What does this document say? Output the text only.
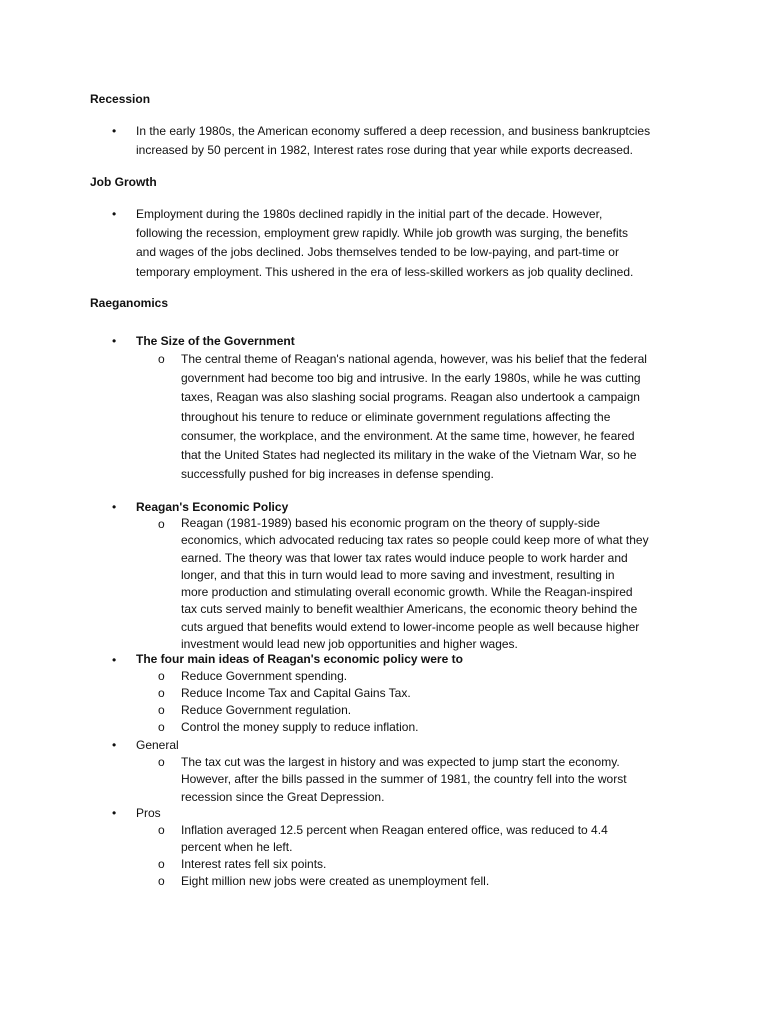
Recession
• In the early 1980s, the American economy suffered a deep recession, and business bankruptcies
increased by 50 percent in 1982, Interest rates rose during that year while exports decreased.
Job Growth
• Employment during the 1980s declined rapidly in the initial part of the decade. However,
following the recession, employment grew rapidly. While job growth was surging, the benefits
and wages of the jobs declined. Jobs themselves tended to be low-paying, and part-time or
temporary employment. This ushered in the era of less-skilled workers as job quality declined.
Raeganomics
• The Size of the Government
o The central theme of Reagan's national agenda, however, was his belief that the federal
government had become too big and intrusive. In the early 1980s, while he was cutting
taxes, Reagan was also slashing social programs. Reagan also undertook a campaign
throughout his tenure to reduce or eliminate government regulations affecting the
consumer, the workplace, and the environment. At the same time, however, he feared
that the United States had neglected its military in the wake of the Vietnam War, so he
successfully pushed for big increases in defense spending.
• Reagan's Economic Policy
o Reagan (1981-1989) based his economic program on the theory of supply-side
economics, which advocated reducing tax rates so people could keep more of what they
earned. The theory was that lower tax rates would induce people to work harder and
longer, and that this in turn would lead to more saving and investment, resulting in
more production and stimulating overall economic growth. While the Reagan-inspired
tax cuts served mainly to benefit wealthier Americans, the economic theory behind the
cuts argued that benefits would extend to lower-income people as well because higher
investment would lead new job opportunities and higher wages.
• The four main ideas of Reagan's economic policy were to
o Reduce Government spending.
o Reduce Income Tax and Capital Gains Tax.
o Reduce Government regulation.
o Control the money supply to reduce inflation.
• General
o The tax cut was the largest in history and was expected to jump start the economy.
However, after the bills passed in the summer of 1981, the country fell into the worst
recession since the Great Depression.
• Pros
o Inflation averaged 12.5 percent when Reagan entered office, was reduced to 4.4
percent when he left.
o Interest rates fell six points.
o Eight million new jobs were created as unemployment fell.
